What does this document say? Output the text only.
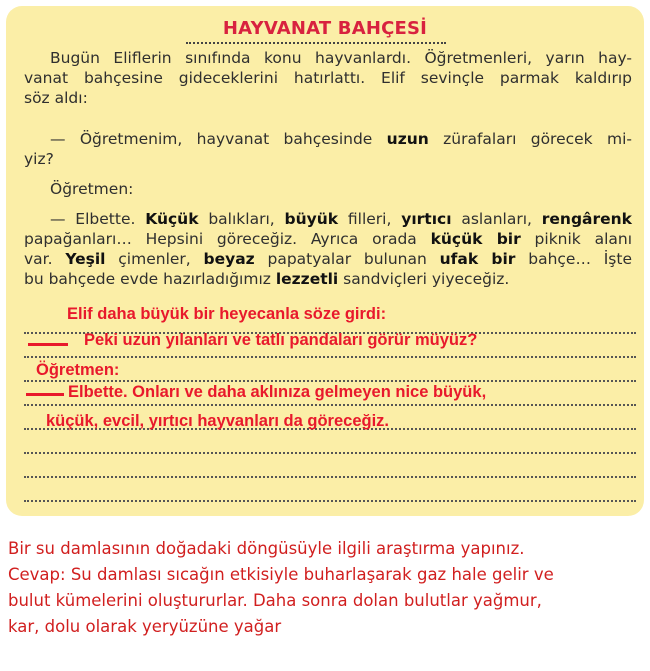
HAYVANAT BAHÇESİ
Bugün Eliflerin sınıfında konu hayvanlardı. Öğretmenleri, yarın hay-
vanat bahçesine gideceklerini hatırlattı. Elif sevinçle parmak kaldırıp
söz aldı:
— Öğretmenim, hayvanat bahçesinde uzun zürafaları görecek mi-
yiz?
Öğretmen:
— Elbette. Küçük balıkları, büyük filleri, yırtıcı aslanları, rengârenk
papağanları… Hepsini göreceğiz. Ayrıca orada küçük bir piknik alanı
var. Yeşil çimenler, beyaz papatyalar bulunan ufak bir bahçe… İşte
bu bahçede evde hazırladığımız lezzetli sandviçleri yiyeceğiz.
Elif daha büyük bir heyecanla söze girdi:
Peki uzun yılanları ve tatlı pandaları görür müyüz?
Öğretmen:
Elbette. Onları ve daha aklınıza gelmeyen nice büyük,
küçük, evcil, yırtıcı hayvanları da göreceğiz.
Bir su damlasının doğadaki döngüsüyle ilgili araştırma yapınız.
Cevap: Su damlası sıcağın etkisiyle buharlaşarak gaz hale gelir ve
bulut kümelerini oluştururlar. Daha sonra dolan bulutlar yağmur,
kar, dolu olarak yeryüzüne yağar
